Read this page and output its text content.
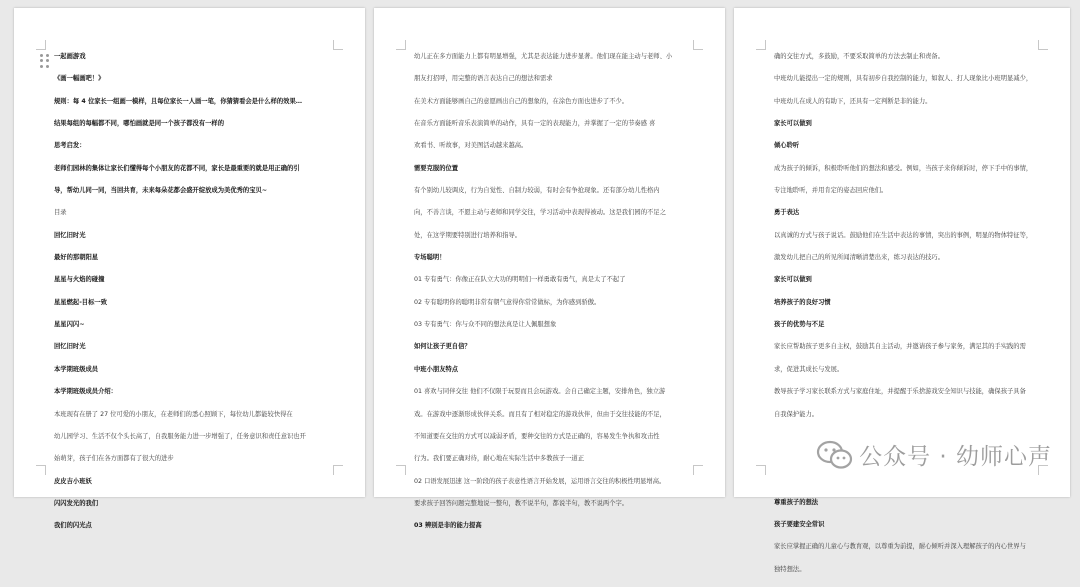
一起画游戏
《画一幅画吧！》
规则：每 4 位家长一组画一模样，且每位家长一人画一笔，你猜猜看会是什么样的效果…
结果每组的每幅都不同，哪怕画就是同一个孩子都没有一样的
思考启发：
老师们园林的集体让家长们懂得每个小朋友的花都不同，家长是最重要的就是用正确的引
导，帮幼儿同一同，当回共育，未来每朵花都会盛开绽放成为美优秀的宝贝~
目录
回忆旧时光
最好的那朝阳星
星星与火焰的碰撞
星星燃起-目标一致
星星闪闪~
回忆旧时光
本学期班级成员
本学期班级成员介绍：
本班现有在册了 27 位可爱的小朋友，在老师们的悉心照顾下，每位幼儿都能较快得在
幼儿园学习、生活不仅个头长高了，自我服务能力进一步增强了，任务意识和责任意识也开
始萌芽，孩子们在各方面都有了很大的进步
皮皮吉小班妖
闪闪发光的我们
我们的闪光点
幼儿正在多方面能力上都有明显增强，尤其是表达能力进步显著。他们现在能主动与老师、小
朋友打招呼，用完整的语言表达自己的想法和需求
在美术方面能够画自己的意愿画出自己的想象的，在涂色方面也进步了不少。
在音乐方面能听音乐表演简单的动作，具有一定的表现能力，并掌握了一定的节奏感 喜
欢看书、听故事，对美图活动越来越高。
需要克服的位置
有个别幼儿较调皮，行为自觉性、自制力较弱，有时会有争抢现象。还有部分幼儿性格内
向，不善言谈，不愿主动与老师和同学交往，学习活动中表现得被动。这是我们园的不足之
处，在这学期要特别进行培养和指导。
专场聪明！
01 专有勇气：你像正在队立大功的明明们一样勇敢有勇气，真是太了不起了
02 专有聪明你的聪明非常有朝气意得你常常做标，为你感到骄傲。
03 专有勇气：你与众不同的想法真是让人佩服想象
如何让孩子更自信？
中班小朋友特点
01 喜欢与同伴交往 他们不仅限于玩耍而且会玩游戏。会自己确定主题，安排角色，独立游
戏。在游戏中逐渐形成伙伴关系。而且有了相对稳定的游戏伙伴，但由于交往技能的不足，
不知道要在交往的方式可以减弱矛盾，要种交往的方式是正确的，容易发生争执和攻击性
行为。我们要正确对待，耐心地在实际生活中多教孩子一道正
02 口语发展迅速 这一阶段的孩子表意性语言开始发展，运用语言交往的积极性明显增高。
要求孩子回答问题完整地说一整句，教不说半句，都说半句，教不说两个字。
03 辨别是非的能力提高
确的交往方式，多鼓励，不要采取简单的方法去制止和责备。
中班幼儿能提出一定的规则，具有初步自我控制的能力，如叙人、打人现象比小班明显减少，
中班幼儿在成人的有助下，还具有一定判断是非的能力。
家长可以做到
倾心聆听
成为孩子的倾诉，积极聆听他们的想法和感受。例如，当孩子来你倾诉时，停下手中的事情，
专注地聆听，并用肯定的姿态回应他们。
勇于表达
以真诚的方式与孩子说话。鼓励他们在生活中表达的事情，突出的事例，明显的物体特征等，
激发幼儿把自己的所见所闻清晰清楚出来，练习表达的技巧。
家长可以做到
培养孩子的良好习惯
孩子的优势与不足
家长应帮助孩子更多自主权，鼓励其自主活动，并邀请孩子参与家务，满足其的手实践的需
求，促进其成长与发展。
教导孩子学习家长联系方式与家庭住址，并提醒于乐捨游戏安全知识与技能，确保孩子具备
自我保护能力。
尊重孩子的想法
孩子要建安全常识
家长应掌握正确的儿童心与教育观，以尊重为前提，耐心倾听并深入理解孩子的内心世界与
独特想法。
公众号 · 幼师心声
